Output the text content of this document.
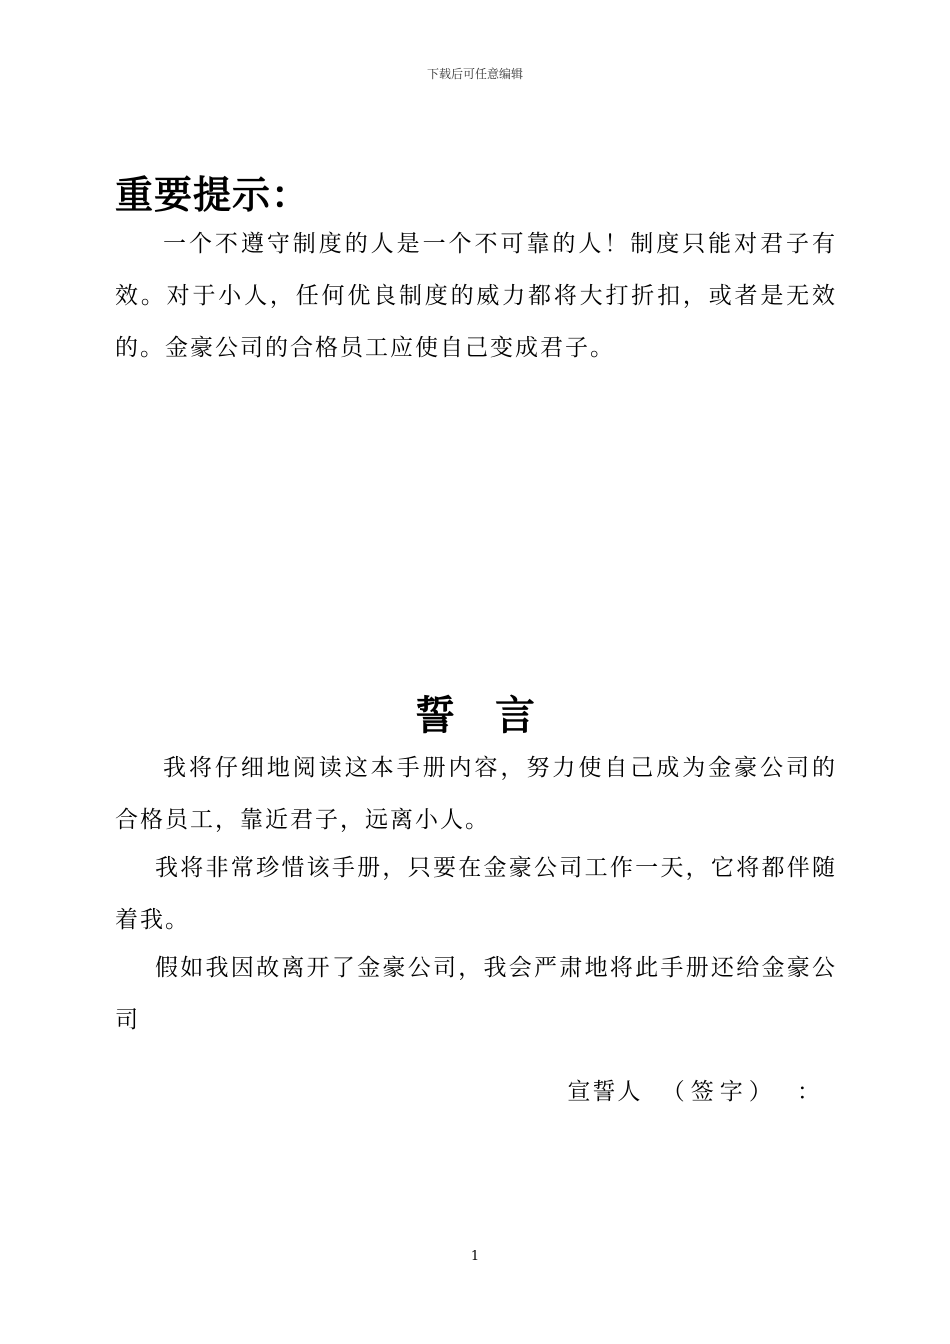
下载后可任意编辑
重要提示：
一个不遵守制度的人是一个不可靠的人！制度只能对君子有效。对于小人，任何优良制度的威力都将大打折扣，或者是无效的。金豪公司的合格员工应使自己变成君子。
誓言
我将仔细地阅读这本手册内容，努力使自己成为金豪公司的合格员工，靠近君子，远离小人。
我将非常珍惜该手册，只要在金豪公司工作一天，它将都伴随着我。
假如我因故离开了金豪公司，我会严肃地将此手册还给金豪公司
宣誓人 （签字） ：
1
